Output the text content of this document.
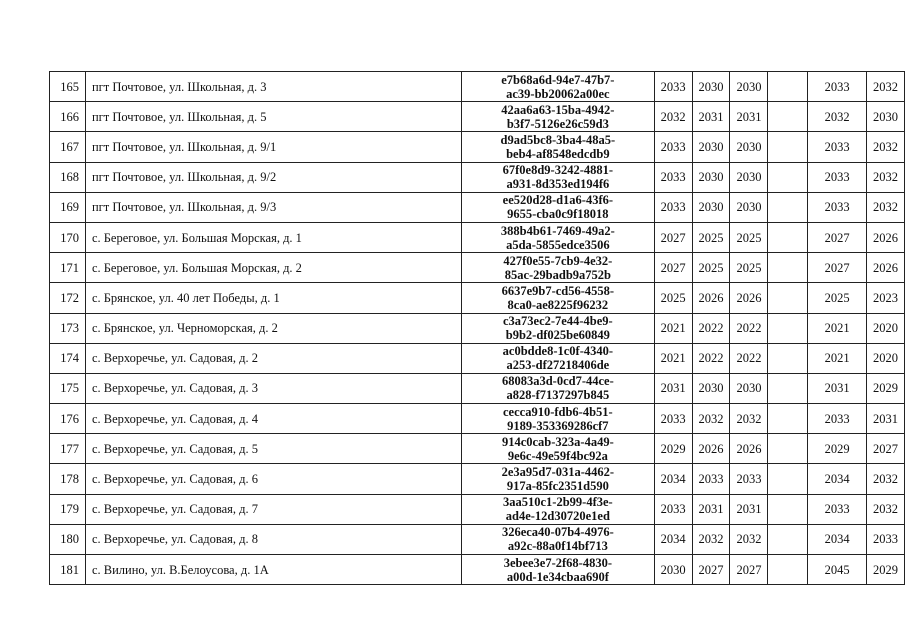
165	пгт Почтовое, ул. Школьная, д. 3	e7b68a6d-94e7-47b7-
ac39-bb20062a00ec	2033	2030	2030		2033	2032
166	пгт Почтовое, ул. Школьная, д. 5	42aa6a63-15ba-4942-
b3f7-5126e26c59d3	2032	2031	2031		2032	2030
167	пгт Почтовое, ул. Школьная, д. 9/1	d9ad5bc8-3ba4-48a5-
beb4-af8548edcdb9	2033	2030	2030		2033	2032
168	пгт Почтовое, ул. Школьная, д. 9/2	67f0e8d9-3242-4881-
a931-8d353ed194f6	2033	2030	2030		2033	2032
169	пгт Почтовое, ул. Школьная, д. 9/3	ee520d28-d1a6-43f6-
9655-cba0c9f18018	2033	2030	2030		2033	2032
170	с. Береговое, ул. Большая Морская, д. 1	388b4b61-7469-49a2-
a5da-5855edce3506	2027	2025	2025		2027	2026
171	с. Береговое, ул. Большая Морская, д. 2	427f0e55-7cb9-4e32-
85ac-29badb9a752b	2027	2025	2025		2027	2026
172	с. Брянское, ул. 40 лет Победы, д. 1	6637e9b7-cd56-4558-
8ca0-ae8225f96232	2025	2026	2026		2025	2023
173	с. Брянское, ул. Черноморская, д. 2	c3a73ec2-7e44-4be9-
b9b2-df025be60849	2021	2022	2022		2021	2020
174	с. Верхоречье, ул. Садовая, д. 2	ac0bdde8-1c0f-4340-
a253-df27218406de	2021	2022	2022		2021	2020
175	с. Верхоречье, ул. Садовая, д. 3	68083a3d-0cd7-44ce-
a828-f7137297b845	2031	2030	2030		2031	2029
176	с. Верхоречье, ул. Садовая, д. 4	cecca910-fdb6-4b51-
9189-353369286cf7	2033	2032	2032		2033	2031
177	с. Верхоречье, ул. Садовая, д. 5	914c0cab-323a-4a49-
9e6c-49e59f4bc92a	2029	2026	2026		2029	2027
178	с. Верхоречье, ул. Садовая, д. 6	2e3a95d7-031a-4462-
917a-85fc2351d590	2034	2033	2033		2034	2032
179	с. Верхоречье, ул. Садовая, д. 7	3aa510c1-2b99-4f3e-
ad4e-12d30720e1ed	2033	2031	2031		2033	2032
180	с. Верхоречье, ул. Садовая, д. 8	326eca40-07b4-4976-
a92c-88a0f14bf713	2034	2032	2032		2034	2033
181	с. Вилино, ул. В.Белоусова, д. 1А	3ebee3e7-2f68-4830-
a00d-1e34cbaa690f	2030	2027	2027		2045	2029
